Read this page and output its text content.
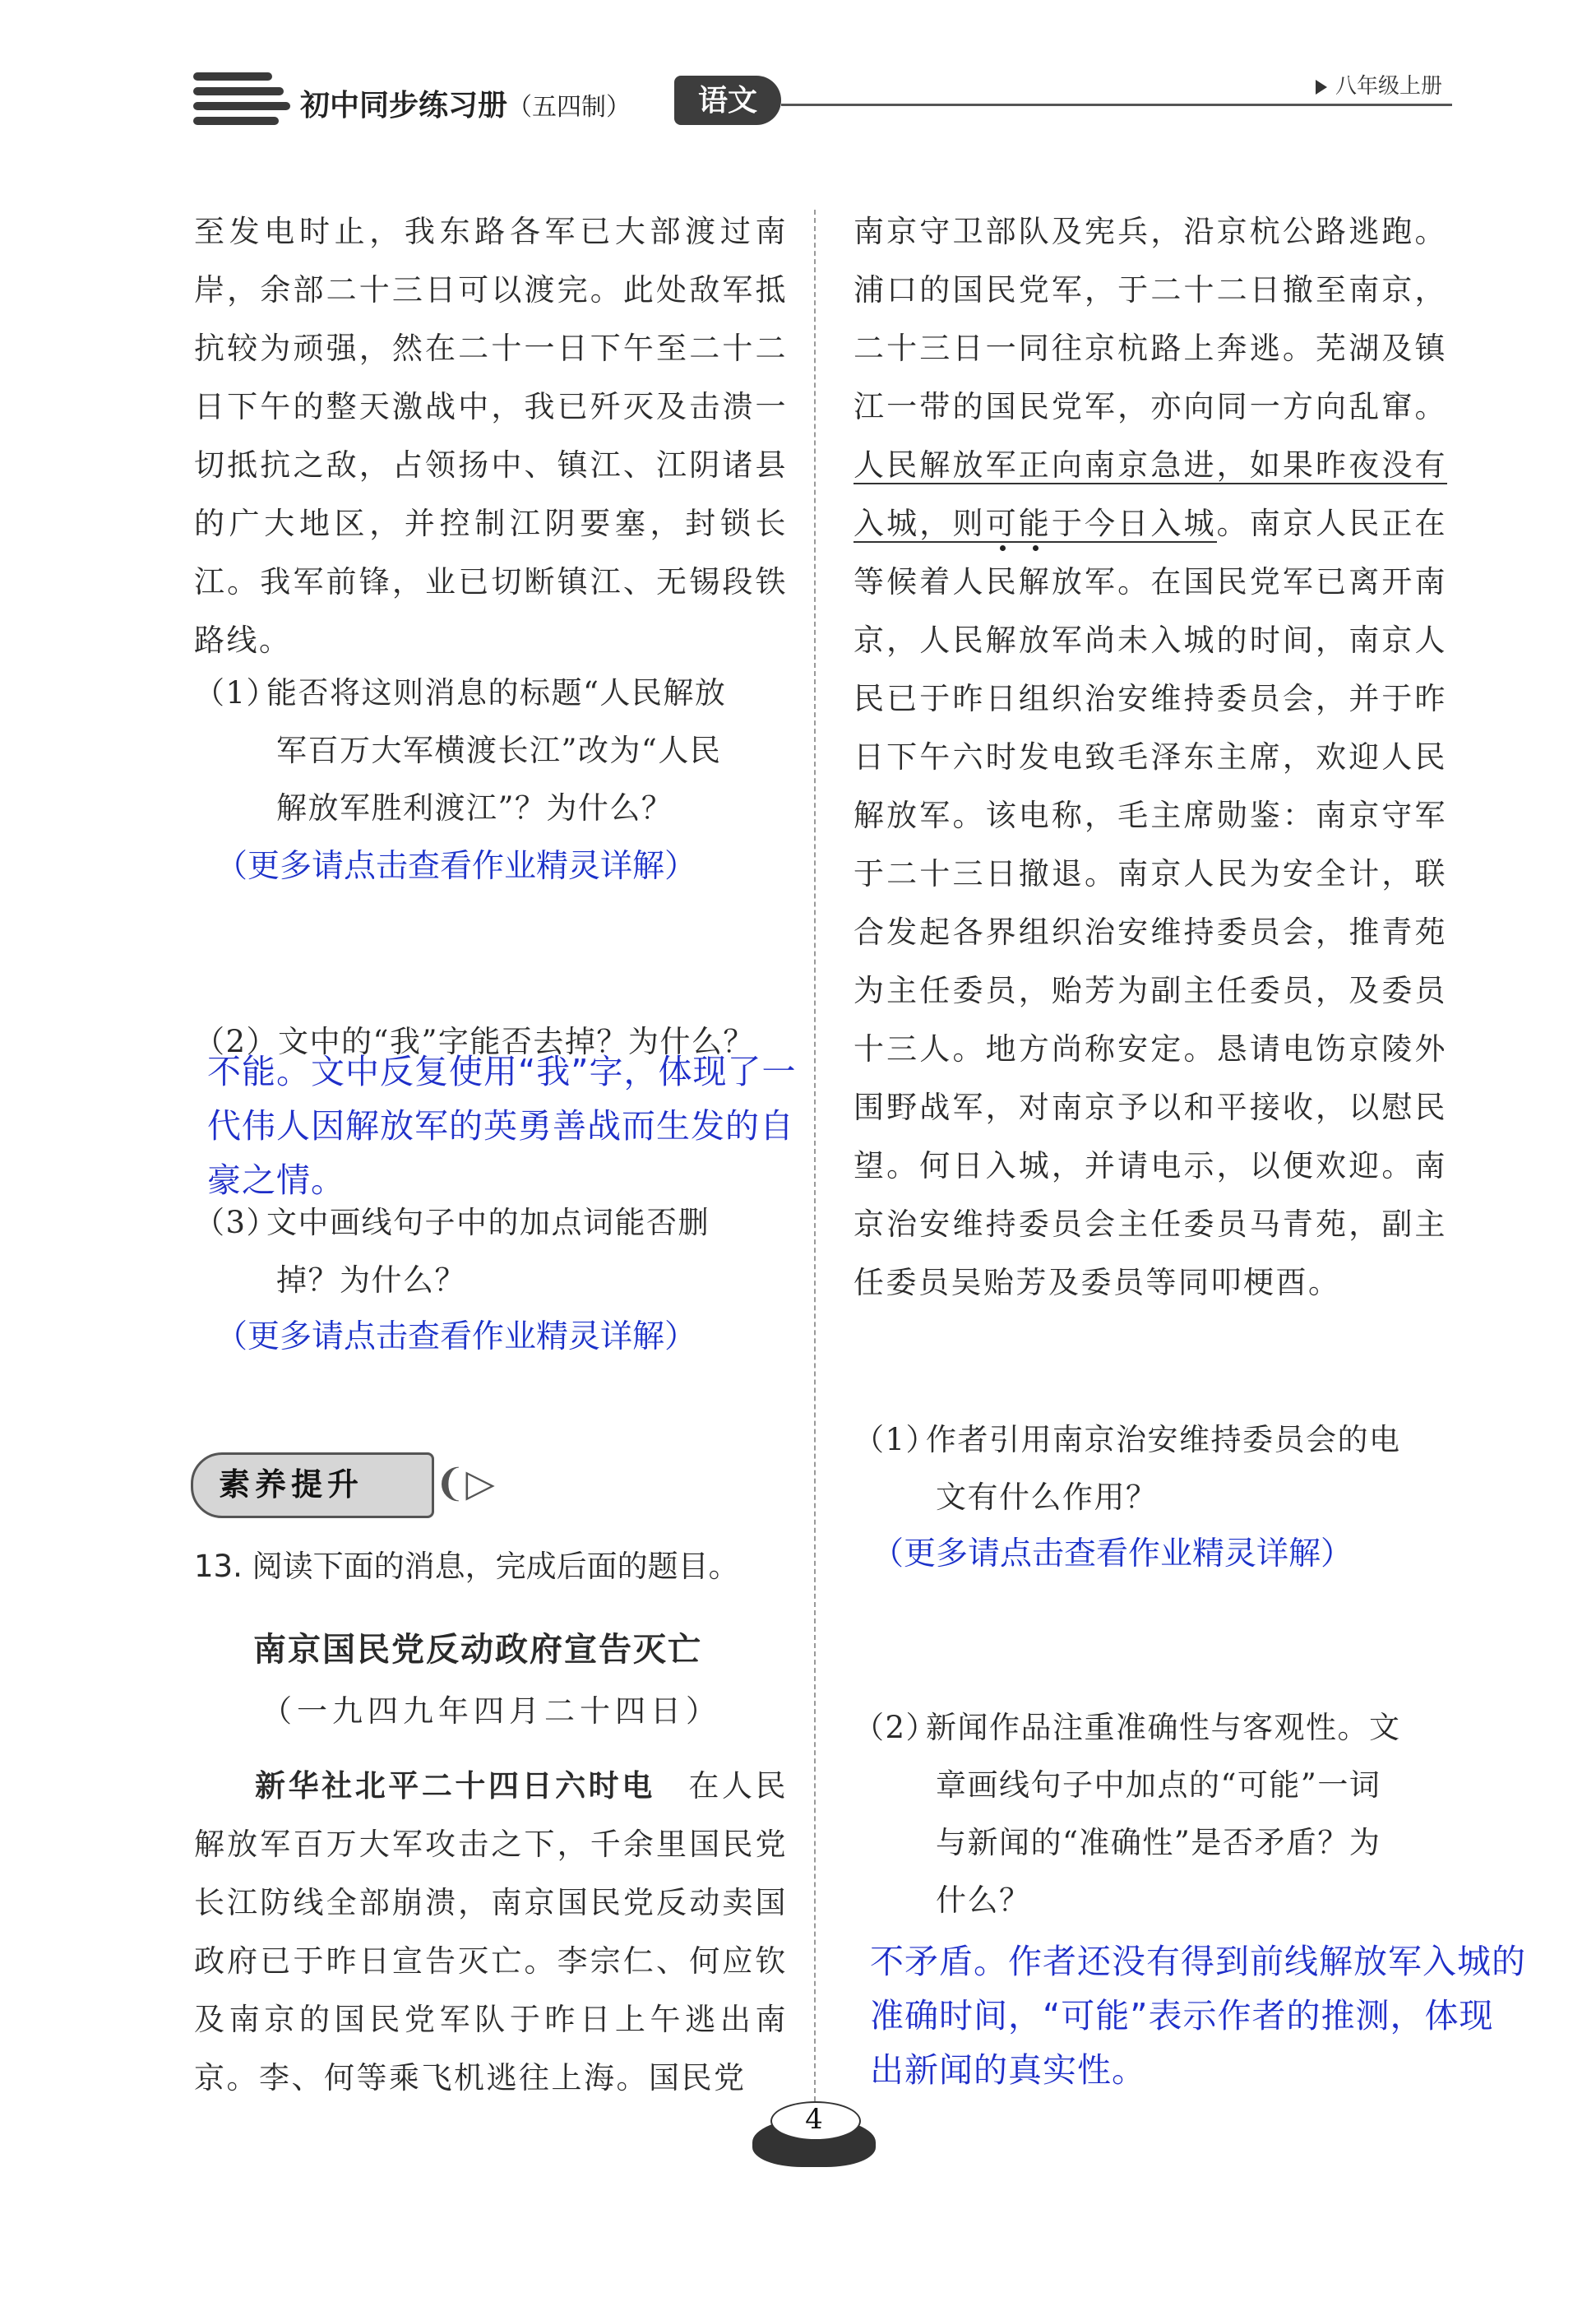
初中同步练习册（五四制）	语文	八年级上册
至发电时止，我东路各军已大部渡过南岸，余部二十三日可以渡完。此处敌军抵抗较为顽强，然在二十一日下午至二十二日下午的整天激战中，我已歼灭及击溃一切抵抗之敌，占领扬中、镇江、江阴诸县的广大地区，并控制江阴要塞，封锁长江。我军前锋，业已切断镇江、无锡段铁路线。
（1）能否将这则消息的标题“人民解放
军百万大军横渡长江”改为“人民
解放军胜利渡江”？为什么？
（更多请点击查看作业精灵详解）
（2）文中的“我”字能否去掉？为什么？
不能。文中反复使用“我”字，体现了一代伟人因解放军的英勇善战而生发的自豪之情。
（3）文中画线句子中的加点词能否删
掉？为什么？
（更多请点击查看作业精灵详解）
素养提升 ❨▷
13. 阅读下面的消息，完成后面的题目。
南京国民党反动政府宣告灭亡
（一九四九年四月二十四日）
新华社北平二十四日六时电  在人民解放军百万大军攻击之下，千余里国民党长江防线全部崩溃，南京国民党反动卖国政府已于昨日宣告灭亡。李宗仁、何应钦及南京的国民党军队于昨日上午逃出南京。李、何等乘飞机逃往上海。国民党
南京守卫部队及宪兵，沿京杭公路逃跑。浦口的国民党军，于二十二日撤至南京，二十三日一同往京杭路上奔逃。芜湖及镇江一带的国民党军，亦向同一方向乱窜。人民解放军正向南京急进，如果昨夜没有入城，则可能于今日入城。南京人民正在等候着人民解放军。在国民党军已离开南京，人民解放军尚未入城的时间，南京人民已于昨日组织治安维持委员会，并于昨日下午六时发电致毛泽东主席，欢迎人民解放军。该电称，毛主席勋鉴：南京守军于二十三日撤退。南京人民为安全计，联合发起各界组织治安维持委员会，推青苑为主任委员，贻芳为副主任委员，及委员十三人。地方尚称安定。恳请电饬京陵外围野战军，对南京予以和平接收，以慰民望。何日入城，并请电示，以便欢迎。南京治安维持委员会主任委员马青苑，副主任委员吴贻芳及委员等同叩梗酉。
（1）作者引用南京治安维持委员会的电
文有什么作用？
（更多请点击查看作业精灵详解）
（2）新闻作品注重准确性与客观性。文
章画线句子中加点的“可能”一词
与新闻的“准确性”是否矛盾？为
什么？
不矛盾。作者还没有得到前线解放军入城的准确时间，“可能”表示作者的推测，体现出新闻的真实性。
4
